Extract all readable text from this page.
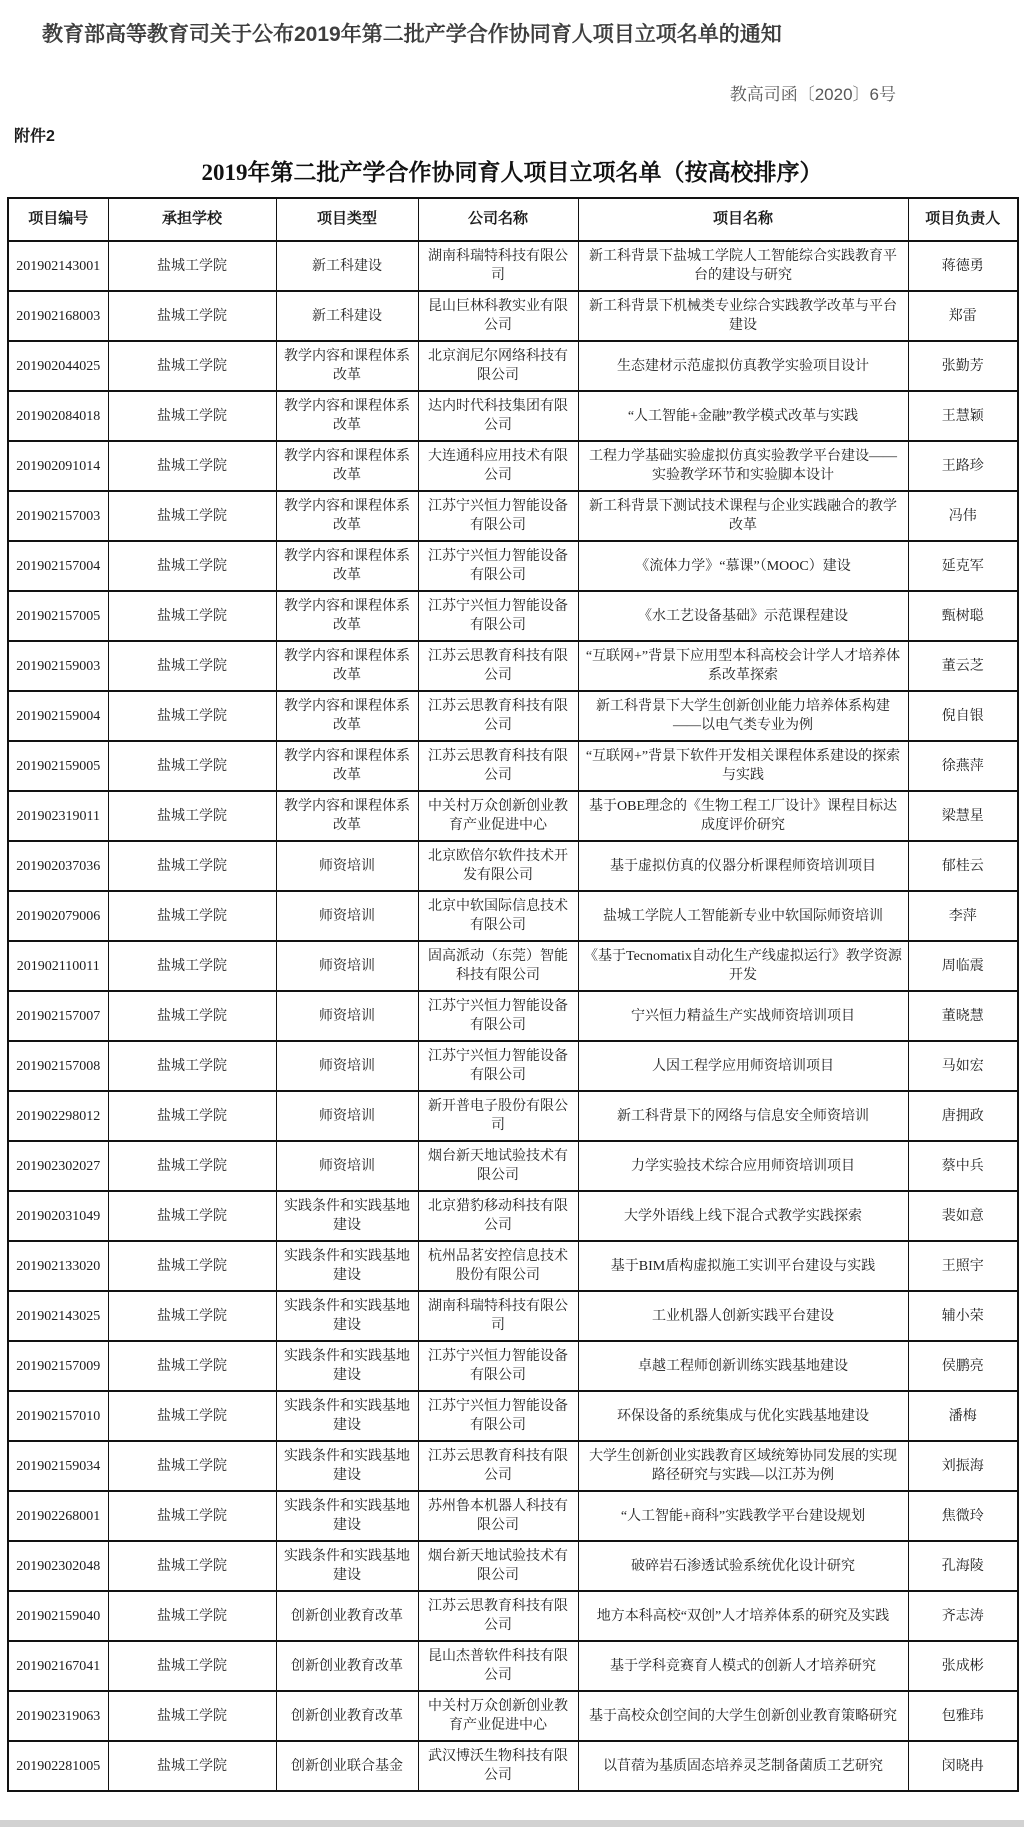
教育部高等教育司关于公布2019年第二批产学合作协同育人项目立项名单的通知
教高司函〔2020〕6号
附件2
2019年第二批产学合作协同育人项目立项名单（按高校排序）
项目编号	承担学校	项目类型	公司名称	项目名称	项目负责人
201902143001	盐城工学院	新工科建设	湖南科瑞特科技有限公司	新工科背景下盐城工学院人工智能综合实践教育平台的建设与研究	蒋德勇
201902168003	盐城工学院	新工科建设	昆山巨林科教实业有限公司	新工科背景下机械类专业综合实践教学改革与平台建设	郑雷
201902044025	盐城工学院	教学内容和课程体系改革	北京润尼尔网络科技有限公司	生态建材示范虚拟仿真教学实验项目设计	张勤芳
201902084018	盐城工学院	教学内容和课程体系改革	达内时代科技集团有限公司	“人工智能+金融”教学模式改革与实践	王慧颖
201902091014	盐城工学院	教学内容和课程体系改革	大连通科应用技术有限公司	工程力学基础实验虚拟仿真实验教学平台建设——实验教学环节和实验脚本设计	王路珍
201902157003	盐城工学院	教学内容和课程体系改革	江苏宁兴恒力智能设备有限公司	新工科背景下测试技术课程与企业实践融合的教学改革	冯伟
201902157004	盐城工学院	教学内容和课程体系改革	江苏宁兴恒力智能设备有限公司	《流体力学》“慕课”（MOOC）建设	延克军
201902157005	盐城工学院	教学内容和课程体系改革	江苏宁兴恒力智能设备有限公司	《水工艺设备基础》示范课程建设	甄树聪
201902159003	盐城工学院	教学内容和课程体系改革	江苏云思教育科技有限公司	“互联网+”背景下应用型本科高校会计学人才培养体系改革探索	董云芝
201902159004	盐城工学院	教学内容和课程体系改革	江苏云思教育科技有限公司	新工科背景下大学生创新创业能力培养体系构建——以电气类专业为例	倪自银
201902159005	盐城工学院	教学内容和课程体系改革	江苏云思教育科技有限公司	“互联网+”背景下软件开发相关课程体系建设的探索与实践	徐燕萍
201902319011	盐城工学院	教学内容和课程体系改革	中关村万众创新创业教育产业促进中心	基于OBE理念的《生物工程工厂设计》课程目标达成度评价研究	梁慧星
201902037036	盐城工学院	师资培训	北京欧倍尔软件技术开发有限公司	基于虚拟仿真的仪器分析课程师资培训项目	郁桂云
201902079006	盐城工学院	师资培训	北京中软国际信息技术有限公司	盐城工学院人工智能新专业中软国际师资培训	李萍
201902110011	盐城工学院	师资培训	固高派动（东莞）智能科技有限公司	《基于Tecnomatix自动化生产线虚拟运行》教学资源开发	周临震
201902157007	盐城工学院	师资培训	江苏宁兴恒力智能设备有限公司	宁兴恒力精益生产实战师资培训项目	董晓慧
201902157008	盐城工学院	师资培训	江苏宁兴恒力智能设备有限公司	人因工程学应用师资培训项目	马如宏
201902298012	盐城工学院	师资培训	新开普电子股份有限公司	新工科背景下的网络与信息安全师资培训	唐拥政
201902302027	盐城工学院	师资培训	烟台新天地试验技术有限公司	力学实验技术综合应用师资培训项目	蔡中兵
201902031049	盐城工学院	实践条件和实践基地建设	北京猎豹移动科技有限公司	大学外语线上线下混合式教学实践探索	裴如意
201902133020	盐城工学院	实践条件和实践基地建设	杭州品茗安控信息技术股份有限公司	基于BIM盾构虚拟施工实训平台建设与实践	王照宇
201902143025	盐城工学院	实践条件和实践基地建设	湖南科瑞特科技有限公司	工业机器人创新实践平台建设	辅小荣
201902157009	盐城工学院	实践条件和实践基地建设	江苏宁兴恒力智能设备有限公司	卓越工程师创新训练实践基地建设	侯鹏亮
201902157010	盐城工学院	实践条件和实践基地建设	江苏宁兴恒力智能设备有限公司	环保设备的系统集成与优化实践基地建设	潘梅
201902159034	盐城工学院	实践条件和实践基地建设	江苏云思教育科技有限公司	大学生创新创业实践教育区域统筹协同发展的实现路径研究与实践—以江苏为例	刘振海
201902268001	盐城工学院	实践条件和实践基地建设	苏州鲁本机器人科技有限公司	“人工智能+商科”实践教学平台建设规划	焦微玲
201902302048	盐城工学院	实践条件和实践基地建设	烟台新天地试验技术有限公司	破碎岩石渗透试验系统优化设计研究	孔海陵
201902159040	盐城工学院	创新创业教育改革	江苏云思教育科技有限公司	地方本科高校“双创”人才培养体系的研究及实践	齐志涛
201902167041	盐城工学院	创新创业教育改革	昆山杰普软件科技有限公司	基于学科竞赛育人模式的创新人才培养研究	张成彬
201902319063	盐城工学院	创新创业教育改革	中关村万众创新创业教育产业促进中心	基于高校众创空间的大学生创新创业教育策略研究	包雅玮
201902281005	盐城工学院	创新创业联合基金	武汉博沃生物科技有限公司	以苜蓿为基质固态培养灵芝制备菌质工艺研究	闵晓冉
